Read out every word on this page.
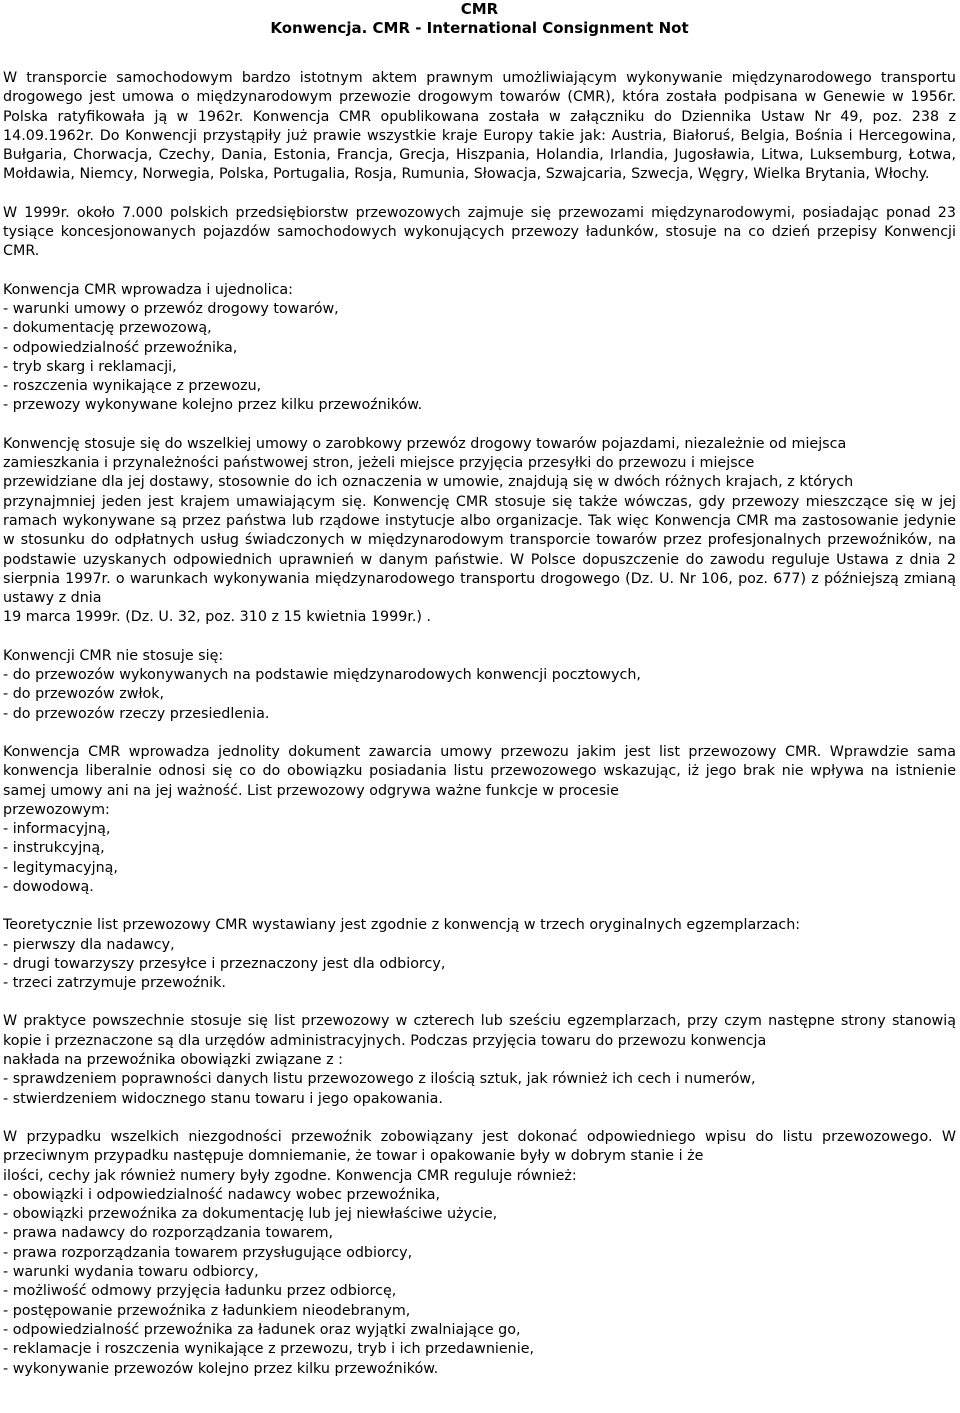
CMR
Konwencja. CMR - International Consignment Not

W transporcie samochodowym bardzo istotnym aktem prawnym umożliwiającym wykonywanie międzynarodowego transportu drogowego jest umowa o międzynarodowym przewozie drogowym towarów (CMR), która została podpisana w Genewie w 1956r. Polska ratyfikowała ją w 1962r. Konwencja CMR opublikowana została w załączniku do Dziennika Ustaw Nr 49, poz. 238 z 14.09.1962r. Do Konwencji przystąpiły już prawie wszystkie kraje Europy takie jak: Austria, Białoruś, Belgia, Bośnia i Hercegowina, Bułgaria, Chorwacja, Czechy, Dania, Estonia, Francja, Grecja, Hiszpania, Holandia, Irlandia, Jugosławia, Litwa, Luksemburg, Łotwa, Mołdawia, Niemcy, Norwegia, Polska, Portugalia, Rosja, Rumunia, Słowacja, Szwajcaria, Szwecja, Węgry, Wielka Brytania, Włochy.

W 1999r. około 7.000 polskich przedsiębiorstw przewozowych zajmuje się przewozami międzynarodowymi, posiadając ponad 23 tysiące koncesjonowanych pojazdów samochodowych wykonujących przewozy ładunków, stosuje na co dzień przepisy Konwencji CMR.

Konwencja CMR wprowadza i ujednolica:
- warunki umowy o przewóz drogowy towarów,
- dokumentację przewozową,
- odpowiedzialność przewoźnika,
- tryb skarg i reklamacji,
- roszczenia wynikające z przewozu,
- przewozy wykonywane kolejno przez kilku przewoźników.
Konwencję stosuje się do wszelkiej umowy o zarobkowy przewóz drogowy towarów pojazdami, niezależnie od miejsca
zamieszkania i przynależności państwowej stron, jeżeli miejsce przyjęcia przesyłki do przewozu i miejsce
przewidziane dla jej dostawy, stosownie do ich oznaczenia w umowie, znajdują się w dwóch różnych krajach, z których
przynajmniej jeden jest krajem umawiającym się. Konwencję CMR stosuje się także wówczas, gdy przewozy mieszczące się w jej ramach wykonywane są przez państwa lub rządowe instytucje albo organizacje. Tak więc Konwencja CMR ma zastosowanie jedynie w stosunku do odpłatnych usług świadczonych w międzynarodowym transporcie towarów przez profesjonalnych przewoźników, na podstawie uzyskanych odpowiednich uprawnień w danym państwie. W Polsce dopuszczenie do zawodu reguluje Ustawa z dnia 2 sierpnia 1997r. o warunkach wykonywania międzynarodowego transportu drogowego (Dz. U. Nr 106, poz. 677) z późniejszą zmianą ustawy z dnia
19 marca 1999r. (Dz. U. 32, poz. 310 z 15 kwietnia 1999r.) .
Konwencji CMR nie stosuje się:
- do przewozów wykonywanych na podstawie międzynarodowych konwencji pocztowych,
- do przewozów zwłok,
- do przewozów rzeczy przesiedlenia.
Konwencja CMR wprowadza jednolity dokument zawarcia umowy przewozu jakim jest list przewozowy CMR. Wprawdzie sama konwencja liberalnie odnosi się co do obowiązku posiadania listu przewozowego wskazując, iż jego brak nie wpływa na istnienie samej umowy ani na jej ważność. List przewozowy odgrywa ważne funkcje w procesie
przewozowym:
- informacyjną,
- instrukcyjną,
- legitymacyjną,
- dowodową.
Teoretycznie list przewozowy CMR wystawiany jest zgodnie z konwencją w trzech oryginalnych egzemplarzach:
- pierwszy dla nadawcy,
- drugi towarzyszy przesyłce i przeznaczony jest dla odbiorcy,
- trzeci zatrzymuje przewoźnik.
W praktyce powszechnie stosuje się list przewozowy w czterech lub sześciu egzemplarzach, przy czym następne strony stanowią kopie i przeznaczone są dla urzędów administracyjnych. Podczas przyjęcia towaru do przewozu konwencja
nakłada na przewoźnika obowiązki związane z :
- sprawdzeniem poprawności danych listu przewozowego z ilością sztuk, jak również ich cech i numerów,
- stwierdzeniem widocznego stanu towaru i jego opakowania.
W przypadku wszelkich niezgodności przewoźnik zobowiązany jest dokonać odpowiedniego wpisu do listu przewozowego. W przeciwnym przypadku następuje domniemanie, że towar i opakowanie były w dobrym stanie i że
ilości, cechy jak również numery były zgodne. Konwencja CMR reguluje również:
- obowiązki i odpowiedzialność nadawcy wobec przewoźnika,
- obowiązki przewoźnika za dokumentację lub jej niewłaściwe użycie,
- prawa nadawcy do rozporządzania towarem,
- prawa rozporządzania towarem przysługujące odbiorcy,
- warunki wydania towaru odbiorcy,
- możliwość odmowy przyjęcia ładunku przez odbiorcę,
- postępowanie przewoźnika z ładunkiem nieodebranym,
- odpowiedzialność przewoźnika za ładunek oraz wyjątki zwalniające go,
- reklamacje i roszczenia wynikające z przewozu, tryb i ich przedawnienie,
- wykonywanie przewozów kolejno przez kilku przewoźników.
